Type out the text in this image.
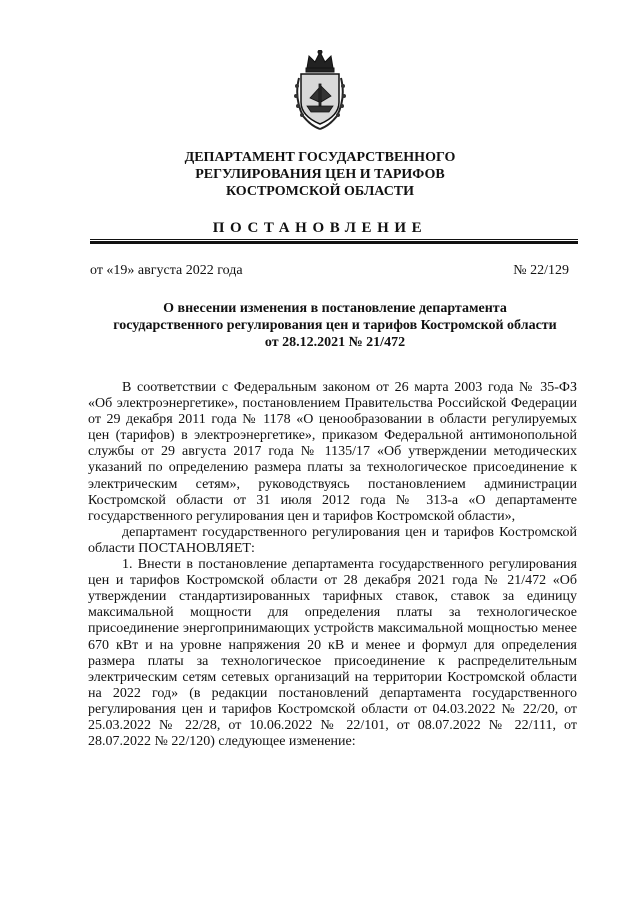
ДЕПАРТАМЕНТ ГОСУДАРСТВЕННОГО
РЕГУЛИРОВАНИЯ ЦЕН И ТАРИФОВ
КОСТРОМСКОЙ ОБЛАСТИ
ПОСТАНОВЛЕНИЕ
от «19» августа 2022 года	№ 22/129
О внесении изменения в постановление департамента
государственного регулирования цен и тарифов Костромской области
от 28.12.2021 № 21/472

В соответствии с Федеральным законом от 26 марта 2003 года № 35-ФЗ «Об электроэнергетике», постановлением Правительства Российской Федерации от 29 декабря 2011 года № 1178 «О ценообразовании в области регулируемых цен (тарифов) в электроэнергетике», приказом Федеральной антимонопольной службы от 29 августа 2017 года № 1135/17 «Об утверждении методических указаний по определению размера платы за технологическое присоединение к электрическим сетям», руководствуясь постановлением администрации Костромской области от 31 июля 2012 года № 313-а «О департаменте государственного регулирования цен и тарифов Костромской области»,

департамент государственного регулирования цен и тарифов Костромской области ПОСТАНОВЛЯЕТ:

1. Внести в постановление департамента государственного регулирования цен и тарифов Костромской области от 28 декабря 2021 года № 21/472 «Об утверждении стандартизированных тарифных ставок, ставок за единицу максимальной мощности для определения платы за технологическое присоединение энергопринимающих устройств максимальной мощностью менее 670 кВт и на уровне напряжения 20 кВ и менее и формул для определения размера платы за технологическое присоединение к распределительным электрическим сетям сетевых организаций на территории Костромской области на 2022 год» (в редакции постановлений департамента государственного регулирования цен и тарифов Костромской области от 04.03.2022 № 22/20, от 25.03.2022 № 22/28, от 10.06.2022 № 22/101, от 08.07.2022 № 22/111, от 28.07.2022 № 22/120) следующее изменение:
